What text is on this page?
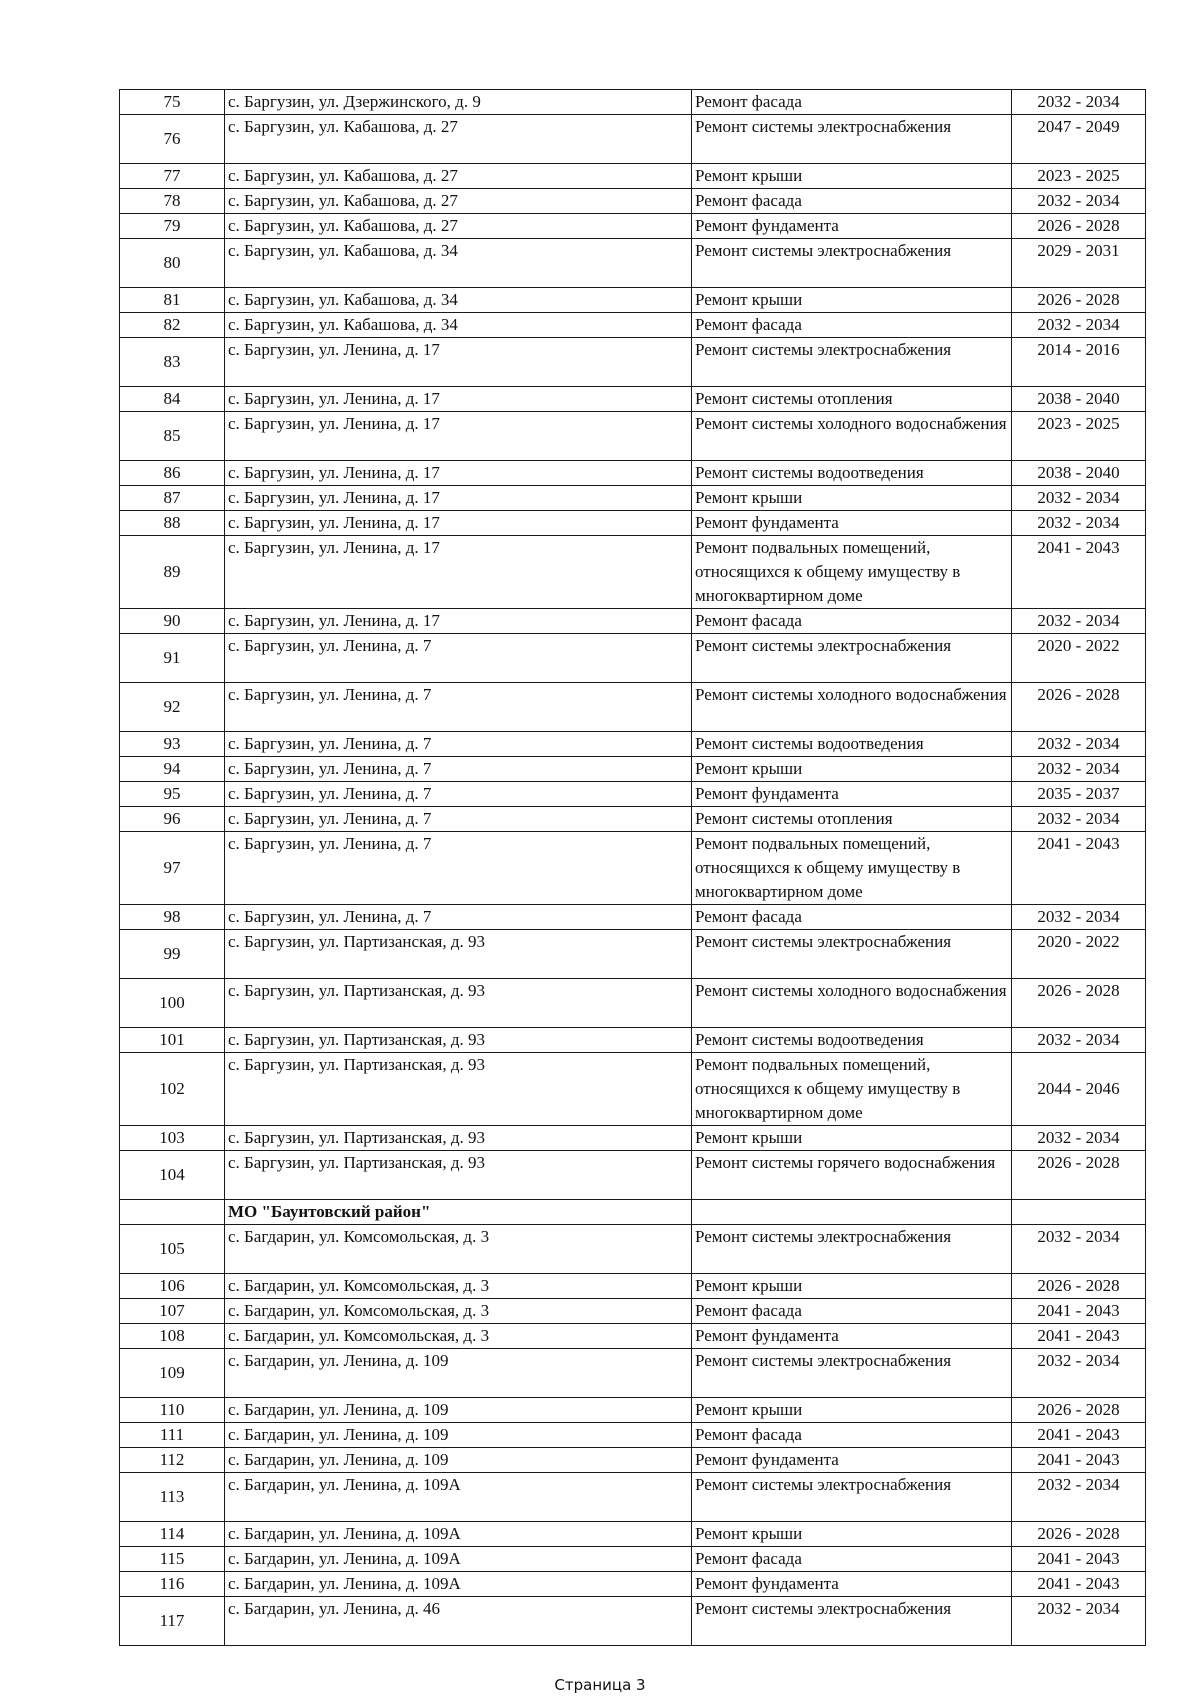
75	с. Баргузин, ул. Дзержинского, д. 9	Ремонт фасада	2032 - 2034
76	с. Баргузин, ул. Кабашова, д. 27	Ремонт системы электроснабжения	2047 - 2049
77	с. Баргузин, ул. Кабашова, д. 27	Ремонт крыши	2023 - 2025
78	с. Баргузин, ул. Кабашова, д. 27	Ремонт фасада	2032 - 2034
79	с. Баргузин, ул. Кабашова, д. 27	Ремонт фундамента	2026 - 2028
80	с. Баргузин, ул. Кабашова, д. 34	Ремонт системы электроснабжения	2029 - 2031
81	с. Баргузин, ул. Кабашова, д. 34	Ремонт крыши	2026 - 2028
82	с. Баргузин, ул. Кабашова, д. 34	Ремонт фасада	2032 - 2034
83	с. Баргузин, ул. Ленина, д. 17	Ремонт системы электроснабжения	2014 - 2016
84	с. Баргузин, ул. Ленина, д. 17	Ремонт системы отопления	2038 - 2040
85	с. Баргузин, ул. Ленина, д. 17	Ремонт системы холодного водоснабжения	2023 - 2025
86	с. Баргузин, ул. Ленина, д. 17	Ремонт системы водоотведения	2038 - 2040
87	с. Баргузин, ул. Ленина, д. 17	Ремонт крыши	2032 - 2034
88	с. Баргузин, ул. Ленина, д. 17	Ремонт фундамента	2032 - 2034
89	с. Баргузин, ул. Ленина, д. 17	Ремонт подвальных помещений, относящихся к общему имуществу в многоквартирном доме	2041 - 2043
90	с. Баргузин, ул. Ленина, д. 17	Ремонт фасада	2032 - 2034
91	с. Баргузин, ул. Ленина, д. 7	Ремонт системы электроснабжения	2020 - 2022
92	с. Баргузин, ул. Ленина, д. 7	Ремонт системы холодного водоснабжения	2026 - 2028
93	с. Баргузин, ул. Ленина, д. 7	Ремонт системы водоотведения	2032 - 2034
94	с. Баргузин, ул. Ленина, д. 7	Ремонт крыши	2032 - 2034
95	с. Баргузин, ул. Ленина, д. 7	Ремонт фундамента	2035 - 2037
96	с. Баргузин, ул. Ленина, д. 7	Ремонт системы отопления	2032 - 2034
97	с. Баргузин, ул. Ленина, д. 7	Ремонт подвальных помещений, относящихся к общему имуществу в многоквартирном доме	2041 - 2043
98	с. Баргузин, ул. Ленина, д. 7	Ремонт фасада	2032 - 2034
99	с. Баргузин, ул. Партизанская, д. 93	Ремонт системы электроснабжения	2020 - 2022
100	с. Баргузин, ул. Партизанская, д. 93	Ремонт системы холодного водоснабжения	2026 - 2028
101	с. Баргузин, ул. Партизанская, д. 93	Ремонт системы водоотведения	2032 - 2034
102	с. Баргузин, ул. Партизанская, д. 93	Ремонт подвальных помещений, относящихся к общему имуществу в многоквартирном доме	2044 - 2046
103	с. Баргузин, ул. Партизанская, д. 93	Ремонт крыши	2032 - 2034
104	с. Баргузин, ул. Партизанская, д. 93	Ремонт системы горячего водоснабжения	2026 - 2028
	МО "Баунтовский район"		
105	с. Багдарин, ул. Комсомольская, д. 3	Ремонт системы электроснабжения	2032 - 2034
106	с. Багдарин, ул. Комсомольская, д. 3	Ремонт крыши	2026 - 2028
107	с. Багдарин, ул. Комсомольская, д. 3	Ремонт фасада	2041 - 2043
108	с. Багдарин, ул. Комсомольская, д. 3	Ремонт фундамента	2041 - 2043
109	с. Багдарин, ул. Ленина, д. 109	Ремонт системы электроснабжения	2032 - 2034
110	с. Багдарин, ул. Ленина, д. 109	Ремонт крыши	2026 - 2028
111	с. Багдарин, ул. Ленина, д. 109	Ремонт фасада	2041 - 2043
112	с. Багдарин, ул. Ленина, д. 109	Ремонт фундамента	2041 - 2043
113	с. Багдарин, ул. Ленина, д. 109А	Ремонт системы электроснабжения	2032 - 2034
114	с. Багдарин, ул. Ленина, д. 109А	Ремонт крыши	2026 - 2028
115	с. Багдарин, ул. Ленина, д. 109А	Ремонт фасада	2041 - 2043
116	с. Багдарин, ул. Ленина, д. 109А	Ремонт фундамента	2041 - 2043
117	с. Багдарин, ул. Ленина, д. 46	Ремонт системы электроснабжения	2032 - 2034
Страница 3
